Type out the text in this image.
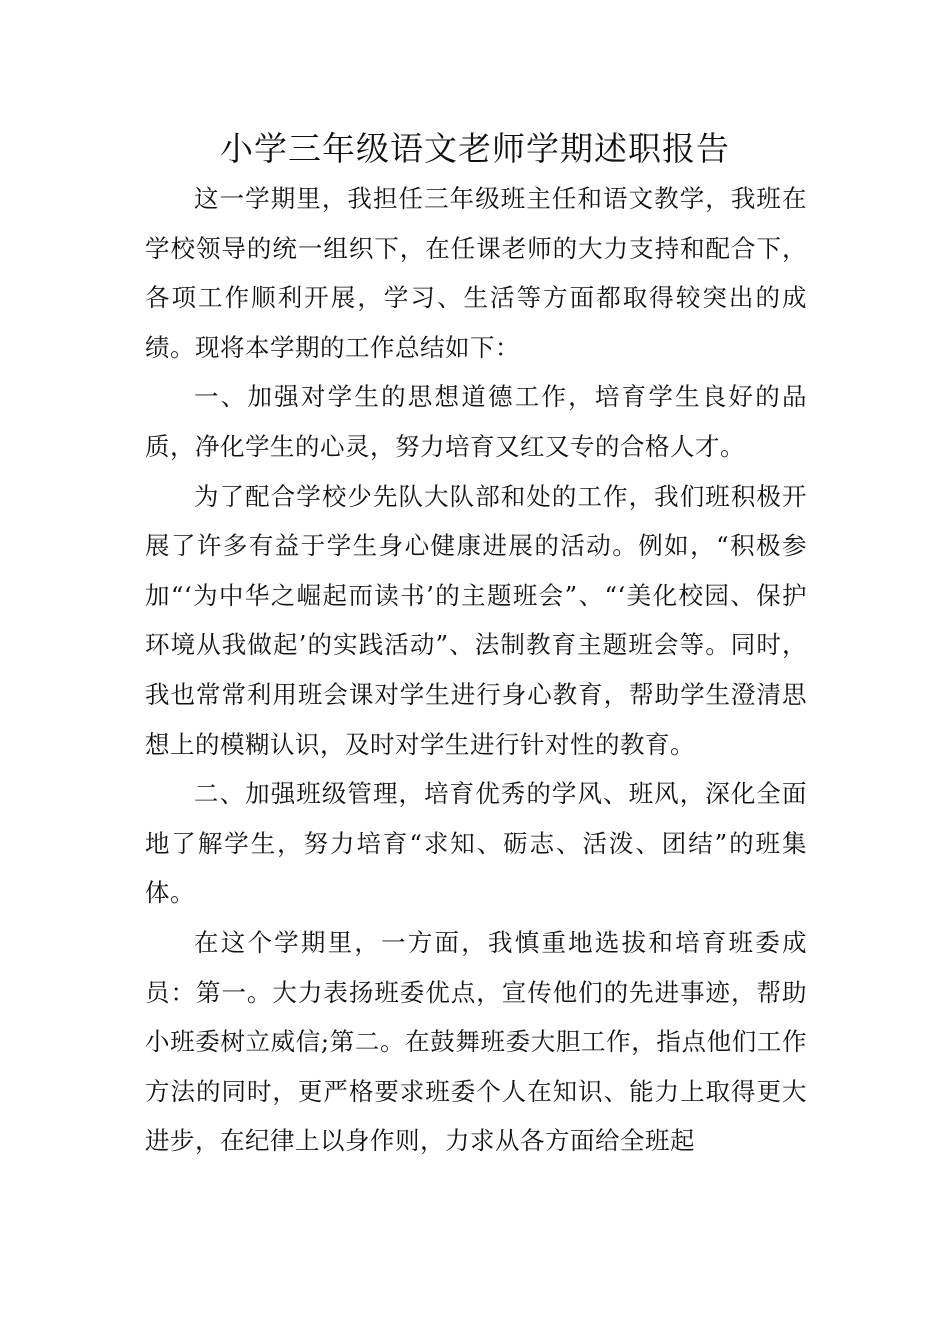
小学三年级语文老师学期述职报告

这一学期里，我担任三年级班主任和语文教学，我班在学校领导的统一组织下，在任课老师的大力支持和配合下，各项工作顺利开展，学习、生活等方面都取得较突出的成绩。现将本学期的工作总结如下：

一、加强对学生的思想道德工作，培育学生良好的品质，净化学生的心灵，努力培育又红又专的合格人才。

为了配合学校少先队大队部和处的工作，我们班积极开展了许多有益于学生身心健康进展的活动。例如，“积极参加“‘为中华之崛起而读书’的主题班会”、“‘美化校园、保护环境从我做起’的实践活动”、法制教育主题班会等。同时，我也常常利用班会课对学生进行身心教育，帮助学生澄清思想上的模糊认识，及时对学生进行针对性的教育。

二、加强班级管理，培育优秀的学风、班风，深化全面地了解学生，努力培育“求知、砺志、活泼、团结”的班集体。

在这个学期里，一方面，我慎重地选拔和培育班委成员：第一。大力表扬班委优点，宣传他们的先进事迹，帮助小班委树立威信;第二。在鼓舞班委大胆工作，指点他们工作方法的同时，更严格要求班委个人在知识、能力上取得更大进步，在纪律上以身作则，力求从各方面给全班起
